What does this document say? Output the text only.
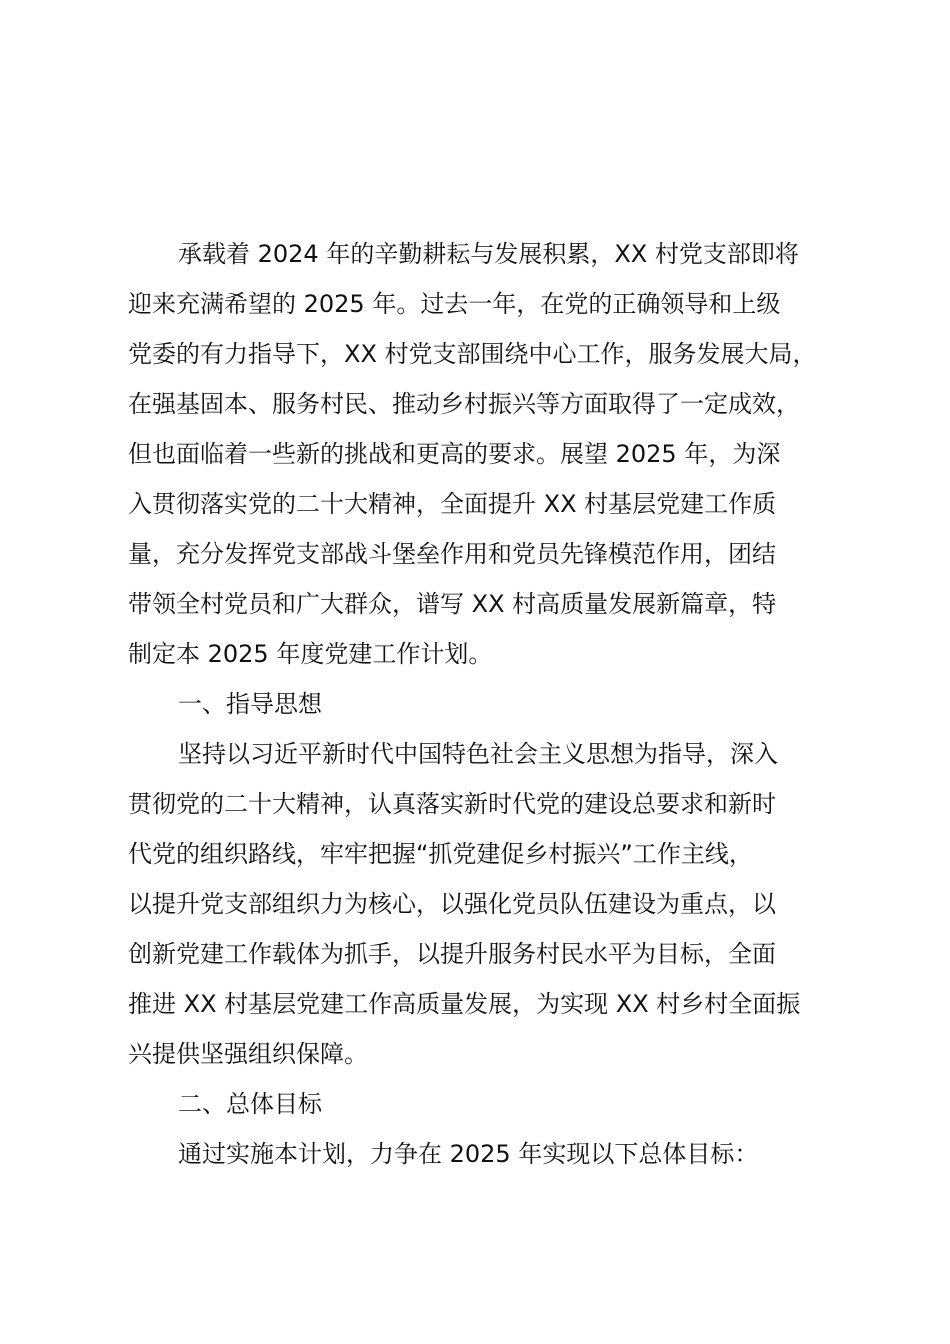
承载着 2024 年的辛勤耕耘与发展积累，XX 村党支部即将
迎来充满希望的 2025 年。过去一年，在党的正确领导和上级
党委的有力指导下，XX 村党支部围绕中心工作，服务发展大局，
在强基固本、服务村民、推动乡村振兴等方面取得了一定成效，
但也面临着一些新的挑战和更高的要求。展望 2025 年，为深
入贯彻落实党的二十大精神，全面提升 XX 村基层党建工作质
量，充分发挥党支部战斗堡垒作用和党员先锋模范作用，团结
带领全村党员和广大群众，谱写 XX 村高质量发展新篇章，特
制定本 2025 年度党建工作计划。
一、指导思想
坚持以习近平新时代中国特色社会主义思想为指导，深入
贯彻党的二十大精神，认真落实新时代党的建设总要求和新时
代党的组织路线，牢牢把握“抓党建促乡村振兴”工作主线，
以提升党支部组织力为核心，以强化党员队伍建设为重点，以
创新党建工作载体为抓手，以提升服务村民水平为目标，全面
推进 XX 村基层党建工作高质量发展，为实现 XX 村乡村全面振
兴提供坚强组织保障。
二、总体目标
通过实施本计划，力争在 2025 年实现以下总体目标：
